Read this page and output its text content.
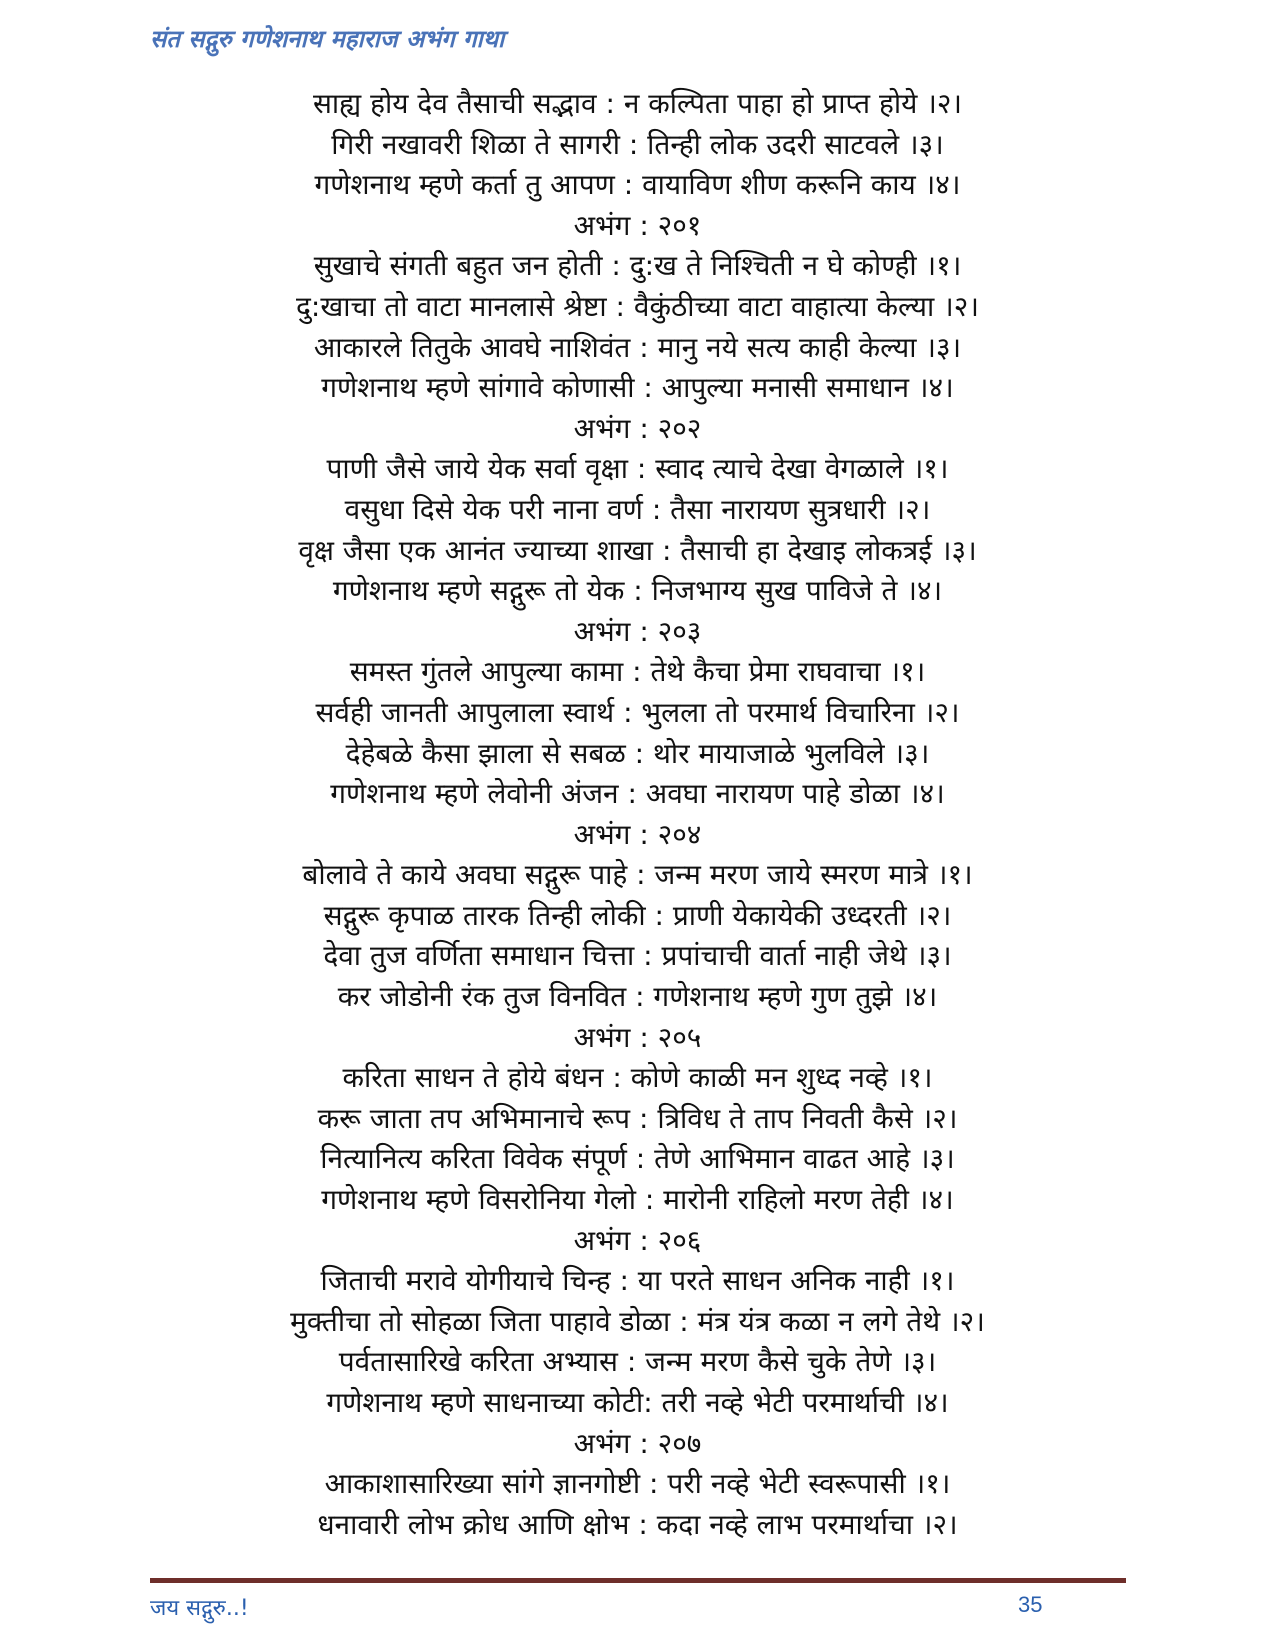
संत सद्गुरु गणेशनाथ महाराज अभंग गाथा
साह्य होय देव तैसाची सद्भाव : न कल्पिता पाहा हो प्राप्त होये ।२।
गिरी नखावरी शिळा ते सागरी : तिन्ही लोक उदरी साटवले ।३।
गणेशनाथ म्हणे कर्ता तु आपण : वायाविण शीण करूनि काय ।४।
अभंग : २०१
सुखाचे संगती बहुत जन होती : दु:ख ते निश्चिती न घे कोण्ही ।१।
दु:खाचा तो वाटा मानलासे श्रेष्टा : वैकुंठीच्या वाटा वाहात्या केल्या ।२।
आकारले तितुके आवघे नाशिवंत : मानु नये सत्य काही केल्या ।३।
गणेशनाथ म्हणे सांगावे कोणासी : आपुल्या मनासी समाधान ।४।
अभंग : २०२
पाणी जैसे जाये येक सर्वा वृक्षा : स्वाद त्याचे देखा वेगळाले ।१।
वसुधा दिसे येक परी नाना वर्ण : तैसा नारायण सुत्रधारी ।२।
वृक्ष जैसा एक आनंत ज्याच्या शाखा : तैसाची हा देखाइ लोकत्रई ।३।
गणेशनाथ म्हणे सद्गुरू तो येक : निजभाग्य सुख पाविजे ते ।४।
अभंग : २०३
समस्त गुंतले आपुल्या कामा : तेथे कैचा प्रेमा राघवाचा ।१।
सर्वही जानती आपुलाला स्वार्थ : भुलला तो परमार्थ विचारिना ।२।
देहेबळे कैसा झाला से सबळ : थोर मायाजाळे भुलविले ।३।
गणेशनाथ म्हणे लेवोनी अंजन : अवघा नारायण पाहे डोळा ।४।
अभंग : २०४
बोलावे ते काये अवघा सद्गुरू पाहे : जन्म मरण जाये स्मरण मात्रे ।१।
सद्गुरू कृपाळ तारक तिन्ही लोकी : प्राणी येकायेकी उध्दरती ।२।
देवा तुज वर्णिता समाधान चित्ता : प्रपांचाची वार्ता नाही जेथे ।३।
कर जोडोनी रंक तुज विनवित : गणेशनाथ म्हणे गुण तुझे ।४।
अभंग : २०५
करिता साधन ते होये बंधन : कोणे काळी मन शुध्द नव्हे ।१।
करू जाता तप अभिमानाचे रूप : त्रिविध ते ताप निवती कैसे ।२।
नित्यानित्य करिता विवेक संपूर्ण : तेणे आभिमान वाढत आहे ।३।
गणेशनाथ म्हणे विसरोनिया गेलो : मारोनी राहिलो मरण तेही ।४।
अभंग : २०६
जिताची मरावे योगीयाचे चिन्ह : या परते साधन अनिक नाही ।१।
मुक्तीचा तो सोहळा जिता पाहावे डोळा : मंत्र यंत्र कळा न लगे तेथे ।२।
पर्वतासारिखे करिता अभ्यास : जन्म मरण कैसे चुके तेणे ।३।
गणेशनाथ म्हणे साधनाच्या कोटी: तरी नव्हे भेटी परमार्थाची ।४।
अभंग : २०७
आकाशासारिख्या सांगे ज्ञानगोष्टी : परी नव्हे भेटी स्वरूपासी ।१।
धनावारी लोभ क्रोध आणि क्षोभ : कदा नव्हे लाभ परमार्थाचा ।२।
जय सद्गुरु..!	35
